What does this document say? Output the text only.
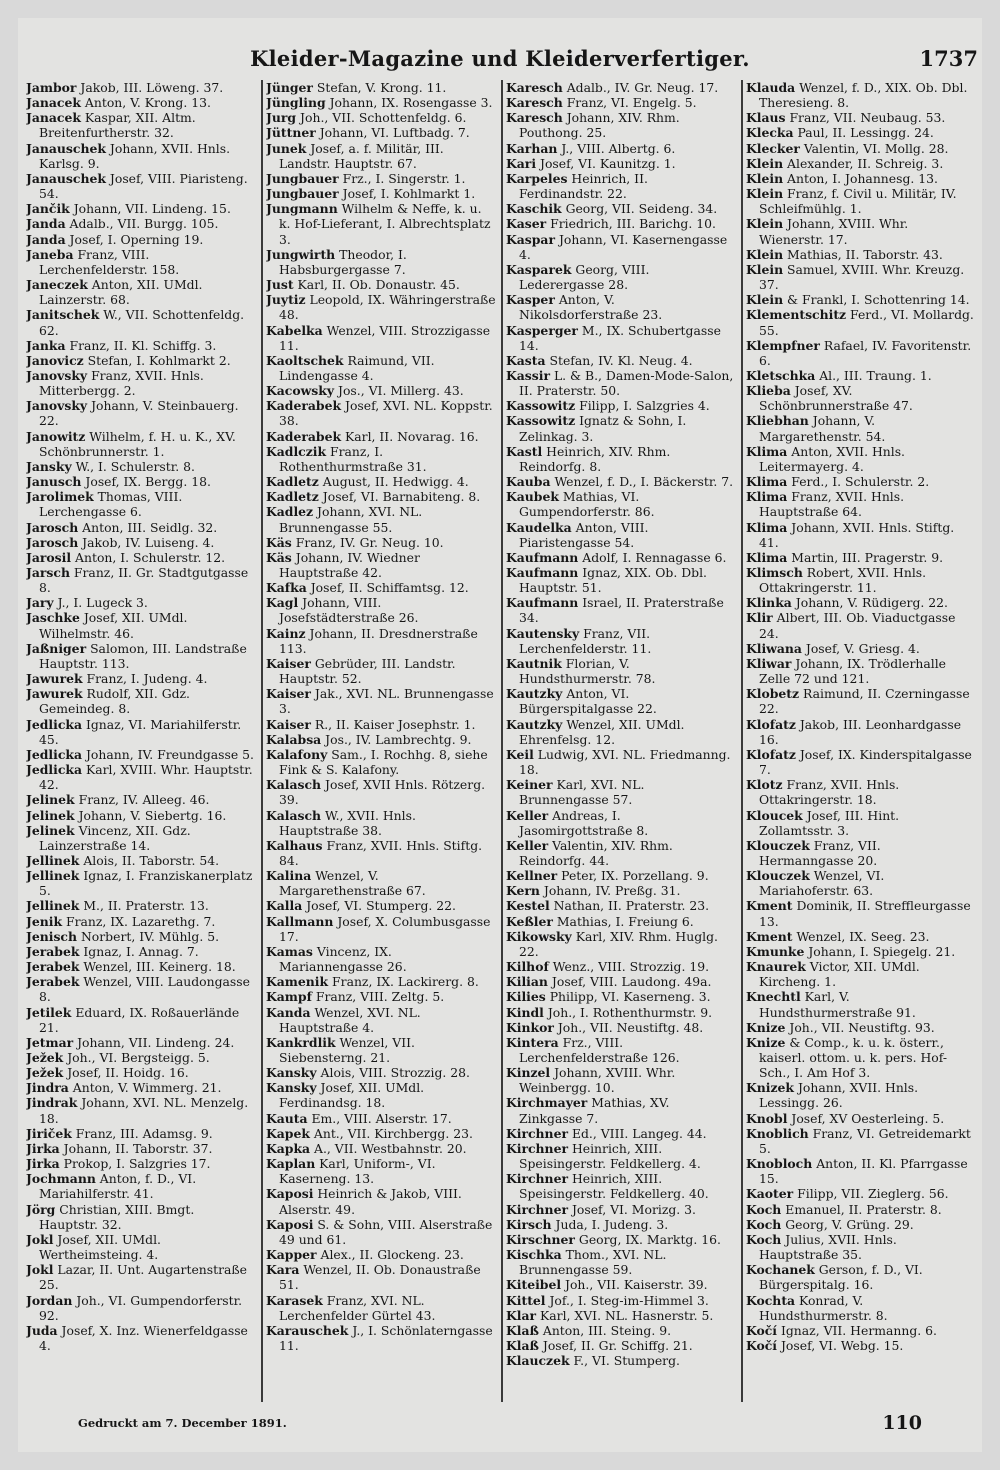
Kleider-Magazine und Kleiderverfertiger.	1737
Jambor Jakob, III. Löweng. 37.
Janacek Anton, V. Krong. 13.
Janacek Kaspar, XII. Altm. Breitenfurtherstr. 32.
Janauschek Johann, XVII. Hnls. Karlsg. 9.
Janauschek Josef, VIII. Piaristeng. 54.
Jančik Johann, VII. Lindeng. 15.
Janda Adalb., VII. Burgg. 105.
Janda Josef, I. Operning 19.
Janeba Franz, VIII. Lerchenfelderstr. 158.
Janeczek Anton, XII. UMdl. Lainzerstr. 68.
Janitschek W., VII. Schottenfeldg. 62.
Janka Franz, II. Kl. Schiffg. 3.
Janovicz Stefan, I. Kohlmarkt 2.
Janovsky Franz, XVII. Hnls. Mitterbergg. 2.
Janovsky Johann, V. Steinbauerg. 22.
Janowitz Wilhelm, f. H. u. K., XV. Schönbrunnerstr. 1.
Jansky W., I. Schulerstr. 8.
Janusch Josef, IX. Bergg. 18.
Jarolimek Thomas, VIII. Lerchengasse 6.
Jarosch Anton, III. Seidlg. 32.
Jarosch Jakob, IV. Luiseng. 4.
Jarosil Anton, I. Schulerstr. 12.
Jarsch Franz, II. Gr. Stadtgutgasse 8.
Jary J., I. Lugeck 3.
Jaschke Josef, XII. UMdl. Wilhelmstr. 46.
Jaßniger Salomon, III. Landstraße Hauptstr. 113.
Jawurek Franz, I. Judeng. 4.
Jawurek Rudolf, XII. Gdz. Gemeindeg. 8.
Jedlicka Ignaz, VI. Mariahilferstr. 45.
Jedlicka Johann, IV. Freundgasse 5.
Jedlicka Karl, XVIII. Whr. Hauptstr. 42.
Jelinek Franz, IV. Alleeg. 46.
Jelinek Johann, V. Siebertg. 16.
Jelinek Vincenz, XII. Gdz. Lainzerstraße 14.
Jellinek Alois, II. Taborstr. 54.
Jellinek Ignaz, I. Franziskanerplatz 5.
Jellinek M., II. Praterstr. 13.
Jenik Franz, IX. Lazarethg. 7.
Jenisch Norbert, IV. Mühlg. 5.
Jerabek Ignaz, I. Annag. 7.
Jerabek Wenzel, III. Keinerg. 18.
Jerabek Wenzel, VIII. Laudongasse 8.
Jetilek Eduard, IX. Roßauerlände 21.
Jetmar Johann, VII. Lindeng. 24.
Ježek Joh., VI. Bergsteigg. 5.
Ježek Josef, II. Hoidg. 16.
Jindra Anton, V. Wimmerg. 21.
Jindrak Johann, XVI. NL. Menzelg. 18.
Jiriček Franz, III. Adamsg. 9.
Jirka Johann, II. Taborstr. 37.
Jirka Prokop, I. Salzgries 17.
Jochmann Anton, f. D., VI. Mariahilferstr. 41.
Jörg Christian, XIII. Bmgt. Hauptstr. 32.
Jokl Josef, XII. UMdl. Wertheimsteing. 4.
Jokl Lazar, II. Unt. Augartenstraße 25.
Jordan Joh., VI. Gumpendorferstr. 92.
Juda Josef, X. Inz. Wienerfeldgasse 4.
Jünger Stefan, V. Krong. 11.
Jüngling Johann, IX. Rosengasse 3.
Jurg Joh., VII. Schottenfeldg. 6.
Jüttner Johann, VI. Luftbadg. 7.
Junek Josef, a. f. Militär, III. Landstr. Hauptstr. 67.
Jungbauer Frz., I. Singerstr. 1.
Jungbauer Josef, I. Kohlmarkt 1.
Jungmann Wilhelm & Neffe, k. u. k. Hof-Lieferant, I. Albrechtsplatz 3.
Jungwirth Theodor, I. Habsburgergasse 7.
Just Karl, II. Ob. Donaustr. 45.
Juytiz Leopold, IX. Währingerstraße 48.
Kabelka Wenzel, VIII. Strozzigasse 11.
Kaoltschek Raimund, VII. Lindengasse 4.
Kacowsky Jos., VI. Millerg. 43.
Kaderabek Josef, XVI. NL. Koppstr. 38.
Kaderabek Karl, II. Novarag. 16.
Kadlczik Franz, I. Rothenthurmstraße 31.
Kadletz August, II. Hedwigg. 4.
Kadletz Josef, VI. Barnabiteng. 8.
Kadlez Johann, XVI. NL. Brunnengasse 55.
Käs Franz, IV. Gr. Neug. 10.
Käs Johann, IV. Wiedner Hauptstraße 42.
Kafka Josef, II. Schiffamtsg. 12.
Kagl Johann, VIII. Josefstädterstraße 26.
Kainz Johann, II. Dresdnerstraße 113.
Kaiser Gebrüder, III. Landstr. Hauptstr. 52.
Kaiser Jak., XVI. NL. Brunnengasse 3.
Kaiser R., II. Kaiser Josephstr. 1.
Kalabsa Jos., IV. Lambrechtg. 9.
Kalafony Sam., I. Rochhg. 8, siehe Fink & S. Kalafony.
Kalasch Josef, XVII Hnls. Rötzerg. 39.
Kalasch W., XVII. Hnls. Hauptstraße 38.
Kalhaus Franz, XVII. Hnls. Stiftg. 84.
Kalina Wenzel, V. Margarethenstraße 67.
Kalla Josef, VI. Stumperg. 22.
Kallmann Josef, X. Columbusgasse 17.
Kamas Vincenz, IX. Mariannengasse 26.
Kamenik Franz, IX. Lackirerg. 8.
Kampf Franz, VIII. Zeltg. 5.
Kanda Wenzel, XVI. NL. Hauptstraße 4.
Kankrdlik Wenzel, VII. Siebensterng. 21.
Kansky Alois, VIII. Strozzig. 28.
Kansky Josef, XII. UMdl. Ferdinandsg. 18.
Kauta Em., VIII. Alserstr. 17.
Kapek Ant., VII. Kirchbergg. 23.
Kapka A., VII. Westbahnstr. 20.
Kaplan Karl, Uniform-, VI. Kaserneng. 13.
Kaposi Heinrich & Jakob, VIII. Alserstr. 49.
Kaposi S. & Sohn, VIII. Alserstraße 49 und 61.
Kapper Alex., II. Glockeng. 23.
Kara Wenzel, II. Ob. Donaustraße 51.
Karasek Franz, XVI. NL. Lerchenfelder Gürtel 43.
Karauschek J., I. Schönlaterngasse 11.
Karesch Adalb., IV. Gr. Neug. 17.
Karesch Franz, VI. Engelg. 5.
Karesch Johann, XIV. Rhm. Pouthong. 25.
Karhan J., VIII. Albertg. 6.
Kari Josef, VI. Kaunitzg. 1.
Karpeles Heinrich, II. Ferdinandstr. 22.
Kaschik Georg, VII. Seideng. 34.
Kaser Friedrich, III. Barichg. 10.
Kaspar Johann, VI. Kasernengasse 4.
Kasparek Georg, VIII. Lederergasse 28.
Kasper Anton, V. Nikolsdorferstraße 23.
Kasperger M., IX. Schubertgasse 14.
Kasta Stefan, IV. Kl. Neug. 4.
Kassir L. & B., Damen-Mode-Salon, II. Praterstr. 50.
Kassowitz Filipp, I. Salzgries 4.
Kassowitz Ignatz & Sohn, I. Zelinkag. 3.
Kastl Heinrich, XIV. Rhm. Reindorfg. 8.
Kauba Wenzel, f. D., I. Bäckerstr. 7.
Kaubek Mathias, VI. Gumpendorferstr. 86.
Kaudelka Anton, VIII. Piaristengasse 54.
Kaufmann Adolf, I. Rennagasse 6.
Kaufmann Ignaz, XIX. Ob. Dbl. Hauptstr. 51.
Kaufmann Israel, II. Praterstraße 34.
Kautensky Franz, VII. Lerchenfelderstr. 11.
Kautnik Florian, V. Hundsthurmerstr. 78.
Kautzky Anton, VI. Bürgerspitalgasse 22.
Kautzky Wenzel, XII. UMdl. Ehrenfelsg. 12.
Keil Ludwig, XVI. NL. Friedmanng. 18.
Keiner Karl, XVI. NL. Brunnengasse 57.
Keller Andreas, I. Jasomirgottstraße 8.
Keller Valentin, XIV. Rhm. Reindorfg. 44.
Kellner Peter, IX. Porzellang. 9.
Kern Johann, IV. Preßg. 31.
Kestel Nathan, II. Praterstr. 23.
Keßler Mathias, I. Freiung 6.
Kikowsky Karl, XIV. Rhm. Huglg. 22.
Kilhof Wenz., VIII. Strozzig. 19.
Kilian Josef, VIII. Laudong. 49a.
Kilies Philipp, VI. Kaserneng. 3.
Kindl Joh., I. Rothenthurmstr. 9.
Kinkor Joh., VII. Neustiftg. 48.
Kintera Frz., VIII. Lerchenfelderstraße 126.
Kinzel Johann, XVIII. Whr. Weinbergg. 10.
Kirchmayer Mathias, XV. Zinkgasse 7.
Kirchner Ed., VIII. Langeg. 44.
Kirchner Heinrich, XIII. Speisingerstr. Feldkellerg. 4.
Kirchner Heinrich, XIII. Speisingerstr. Feldkellerg. 40.
Kirchner Josef, VI. Morizg. 3.
Kirsch Juda, I. Judeng. 3.
Kirschner Georg, IX. Marktg. 16.
Kischka Thom., XVI. NL. Brunnengasse 59.
Kiteibel Joh., VII. Kaiserstr. 39.
Kittel Jof., I. Steg-im-Himmel 3.
Klar Karl, XVI. NL. Hasnerstr. 5.
Klaß Anton, III. Steing. 9.
Klaß Josef, II. Gr. Schiffg. 21.
Klauczek F., VI. Stumperg.
Klauda Wenzel, f. D., XIX. Ob. Dbl. Theresieng. 8.
Klaus Franz, VII. Neubaug. 53.
Klecka Paul, II. Lessingg. 24.
Klecker Valentin, VI. Mollg. 28.
Klein Alexander, II. Schreig. 3.
Klein Anton, I. Johannesg. 13.
Klein Franz, f. Civil u. Militär, IV. Schleifmühlg. 1.
Klein Johann, XVIII. Whr. Wienerstr. 17.
Klein Mathias, II. Taborstr. 43.
Klein Samuel, XVIII. Whr. Kreuzg. 37.
Klein & Frankl, I. Schottenring 14.
Klementschitz Ferd., VI. Mollardg. 55.
Klempfner Rafael, IV. Favoritenstr. 6.
Kletschka Al., III. Traung. 1.
Klieba Josef, XV. Schönbrunnerstraße 47.
Kliebhan Johann, V. Margarethenstr. 54.
Klima Anton, XVII. Hnls. Leitermayerg. 4.
Klima Ferd., I. Schulerstr. 2.
Klima Franz, XVII. Hnls. Hauptstraße 64.
Klima Johann, XVII. Hnls. Stiftg. 41.
Klima Martin, III. Pragerstr. 9.
Klimsch Robert, XVII. Hnls. Ottakringerstr. 11.
Klinka Johann, V. Rüdigerg. 22.
Klir Albert, III. Ob. Viaductgasse 24.
Kliwana Josef, V. Griesg. 4.
Kliwar Johann, IX. Trödlerhalle Zelle 72 und 121.
Klobetz Raimund, II. Czerningasse 22.
Klofatz Jakob, III. Leonhardgasse 16.
Klofatz Josef, IX. Kinderspitalgasse 7.
Klotz Franz, XVII. Hnls. Ottakringerstr. 18.
Kloucek Josef, III. Hint. Zollamtsstr. 3.
Klouczek Franz, VII. Hermanngasse 20.
Klouczek Wenzel, VI. Mariahoferstr. 63.
Kment Dominik, II. Streffleurgasse 13.
Kment Wenzel, IX. Seeg. 23.
Kmunke Johann, I. Spiegelg. 21.
Knaurek Victor, XII. UMdl. Kircheng. 1.
Knechtl Karl, V. Hundsthurmerstraße 91.
Knize Joh., VII. Neustiftg. 93.
Knize & Comp., k. u. k. österr., kaiserl. ottom. u. k. pers. Hof-Sch., I. Am Hof 3.
Knizek Johann, XVII. Hnls. Lessingg. 26.
Knobl Josef, XV Oesterleing. 5.
Knoblich Franz, VI. Getreidemarkt 5.
Knobloch Anton, II. Kl. Pfarrgasse 15.
Kaoter Filipp, VII. Zieglerg. 56.
Koch Emanuel, II. Praterstr. 8.
Koch Georg, V. Grüng. 29.
Koch Julius, XVII. Hnls. Hauptstraße 35.
Kochanek Gerson, f. D., VI. Bürgerspitalg. 16.
Kochta Konrad, V. Hundsthurmerstr. 8.
Kočí Ignaz, VII. Hermanng. 6.
Kočí Josef, VI. Webg. 15.
Gedruckt am 7. December 1891.	110
